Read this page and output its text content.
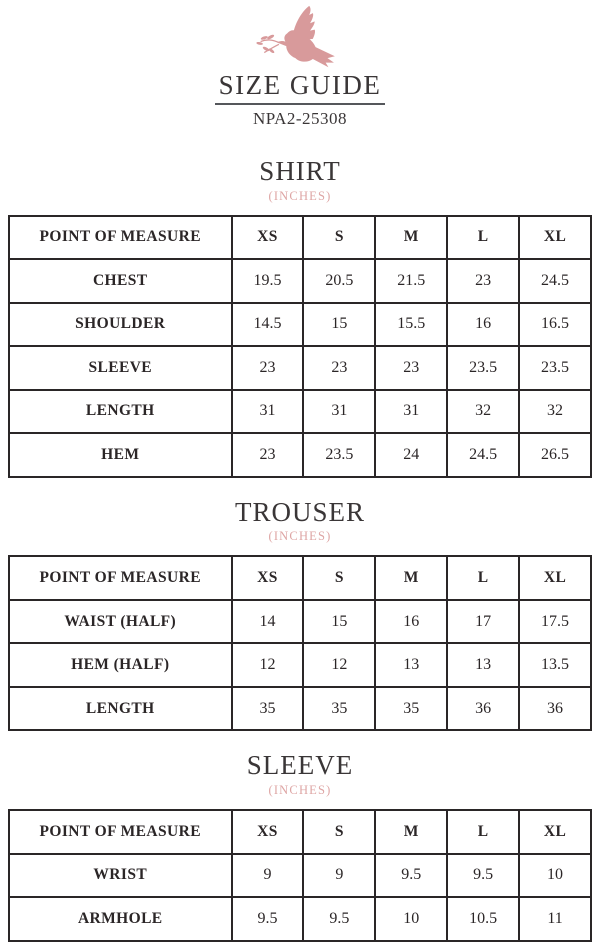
SIZE GUIDE
NPA2-25308
SHIRT
(INCHES)
POINT OF MEASURE	XS	S	M	L	XL
CHEST	19.5	20.5	21.5	23	24.5
SHOULDER	14.5	15	15.5	16	16.5
SLEEVE	23	23	23	23.5	23.5
LENGTH	31	31	31	32	32
HEM	23	23.5	24	24.5	26.5
TROUSER
(INCHES)
POINT OF MEASURE	XS	S	M	L	XL
WAIST (HALF)	14	15	16	17	17.5
HEM (HALF)	12	12	13	13	13.5
LENGTH	35	35	35	36	36
SLEEVE
(INCHES)
POINT OF MEASURE	XS	S	M	L	XL
WRIST	9	9	9.5	9.5	10
ARMHOLE	9.5	9.5	10	10.5	11
